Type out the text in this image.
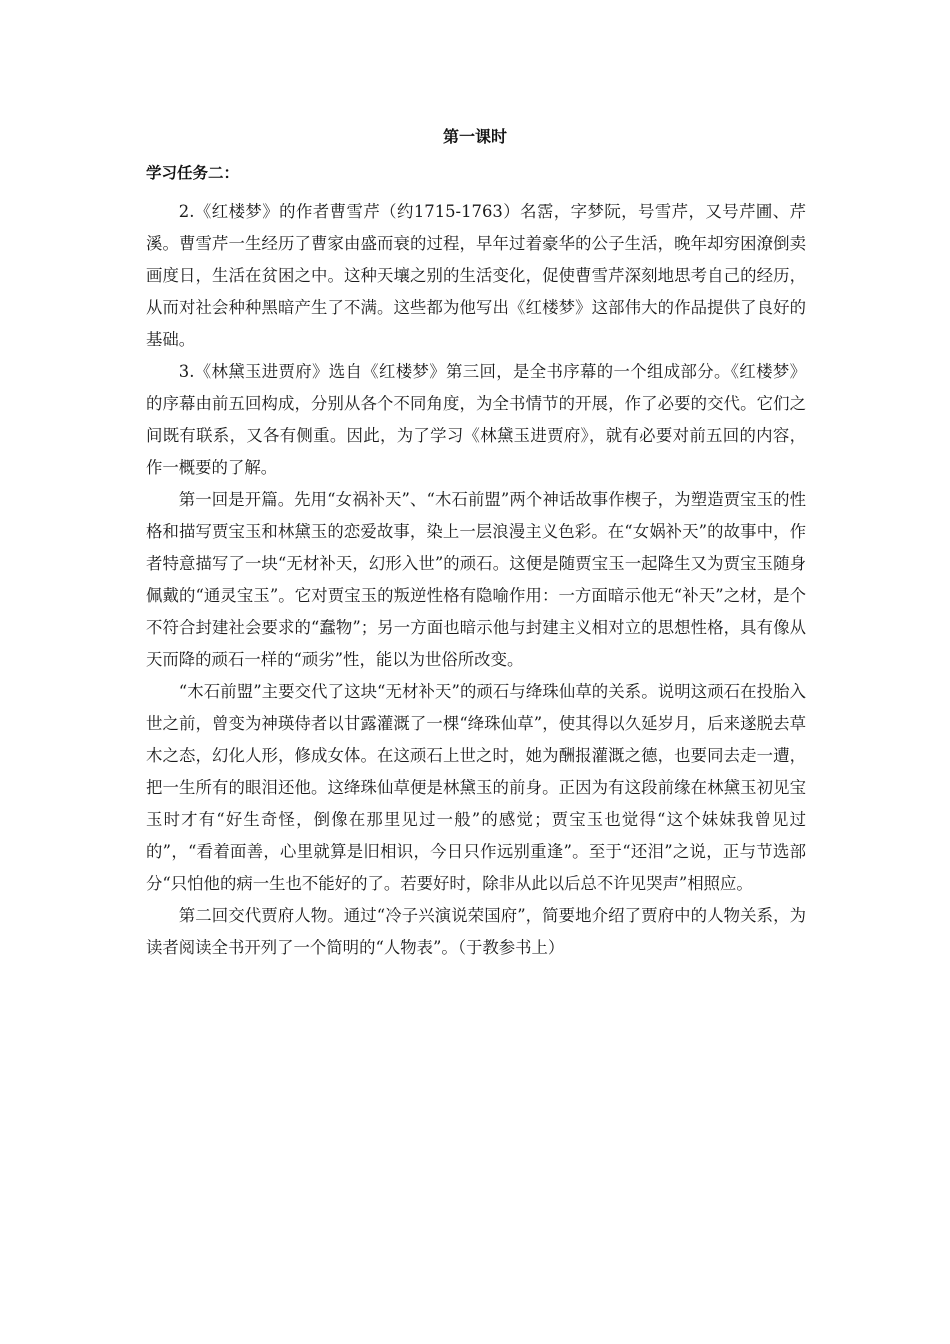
第一课时
学习任务二：

2.《红楼梦》的作者曹雪芹（约1715-1763）名霑，字梦阮，号雪芹，又号芹圃、芹溪。曹雪芹一生经历了曹家由盛而衰的过程，早年过着豪华的公子生活，晚年却穷困潦倒卖画度日，生活在贫困之中。这种天壤之别的生活变化，促使曹雪芹深刻地思考自己的经历，从而对社会种种黑暗产生了不满。这些都为他写出《红楼梦》这部伟大的作品提供了良好的基础。

3.《林黛玉进贾府》选自《红楼梦》第三回，是全书序幕的一个组成部分。《红楼梦》的序幕由前五回构成，分别从各个不同角度，为全书情节的开展，作了必要的交代。它们之间既有联系，又各有侧重。因此，为了学习《林黛玉进贾府》，就有必要对前五回的内容，作一概要的了解。

第一回是开篇。先用“女祸补天”、“木石前盟”两个神话故事作楔子，为塑造贾宝玉的性格和描写贾宝玉和林黛玉的恋爱故事，染上一层浪漫主义色彩。在“女娲补天”的故事中，作者特意描写了一块“无材补天，幻形入世”的顽石。这便是随贾宝玉一起降生又为贾宝玉随身佩戴的“通灵宝玉”。它对贾宝玉的叛逆性格有隐喻作用：一方面暗示他无“补天”之材，是个不符合封建社会要求的“蠢物”；另一方面也暗示他与封建主义相对立的思想性格，具有像从天而降的顽石一样的“顽劣”性，能以为世俗所改变。

“木石前盟”主要交代了这块“无材补天”的顽石与绛珠仙草的关系。说明这顽石在投胎入世之前，曾变为神瑛侍者以甘露灌溉了一棵“绛珠仙草”，使其得以久延岁月，后来遂脱去草木之态，幻化人形，修成女体。在这顽石上世之时，她为酬报灌溉之德，也要同去走一遭，把一生所有的眼泪还他。这绛珠仙草便是林黛玉的前身。正因为有这段前缘在林黛玉初见宝玉时才有“好生奇怪，倒像在那里见过一般”的感觉；贾宝玉也觉得“这个妹妹我曾见过的”，“看着面善，心里就算是旧相识，今日只作远别重逢”。至于“还泪”之说，正与节选部分“只怕他的病一生也不能好的了。若要好时，除非从此以后总不许见哭声”相照应。

第二回交代贾府人物。通过“冷子兴演说荣国府”，简要地介绍了贾府中的人物关系，为读者阅读全书开列了一个简明的“人物表”。（于教参书上）
